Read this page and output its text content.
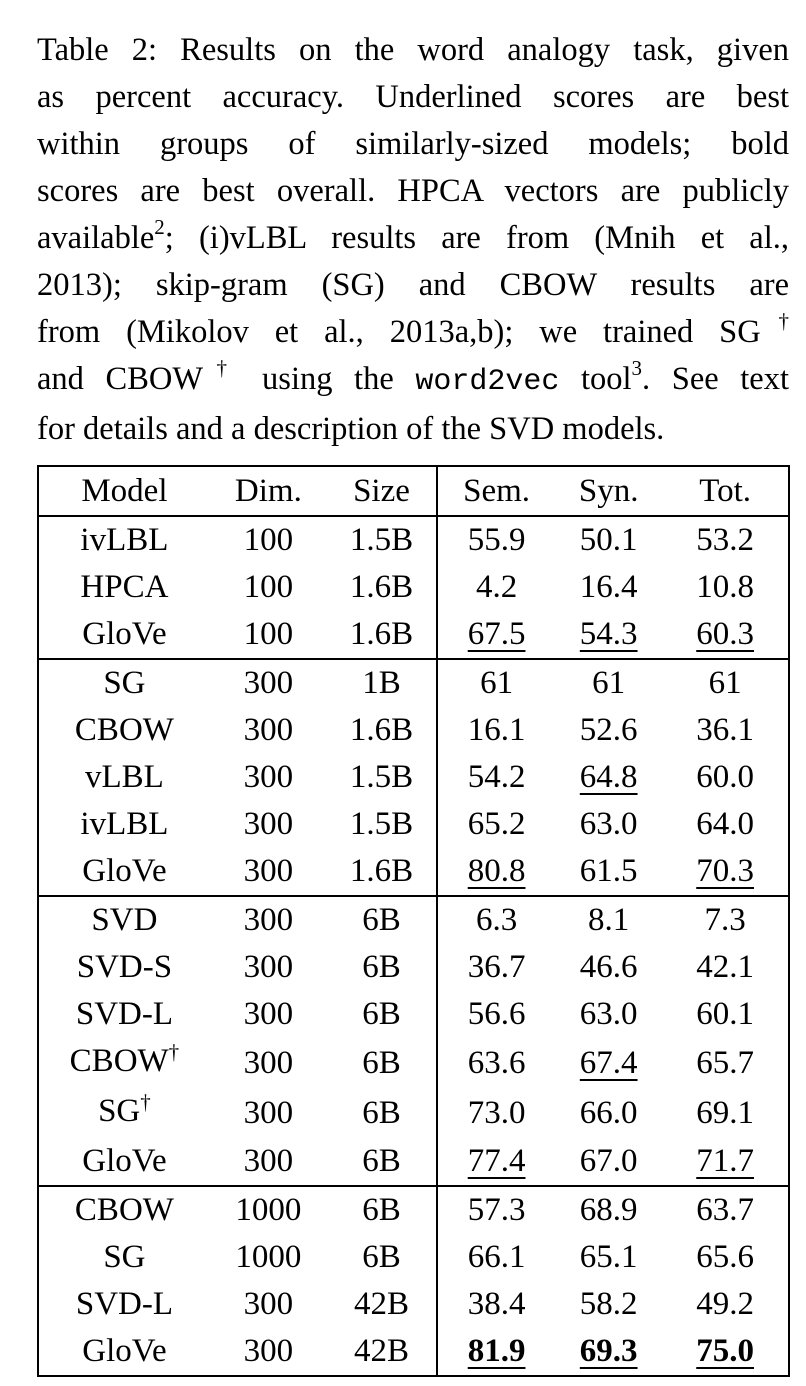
Table 2: Results on the word analogy task, given
as percent accuracy. Underlined scores are best
within groups of similarly-sized models; bold
scores are best overall. HPCA vectors are publicly
available$^2$; (i)vLBL results are from (Mnih et al.,
2013); skip-gram (SG) and CBOW results are
from (Mikolov et al., 2013a,b); we trained SG†
and CBOW† using the word2vec tool$^3$. See text
for details and a description of the SVD models.
Model	Dim.	Size	Sem.	Syn.	Tot.
ivLBL	100	1.5B	55.9	50.1	53.2
HPCA	100	1.6B	4.2	16.4	10.8
GloVe	100	1.6B	67.5	54.3	60.3
SG	300	1B	61	61	61
CBOW	300	1.6B	16.1	52.6	36.1
vLBL	300	1.5B	54.2	64.8	60.0
ivLBL	300	1.5B	65.2	63.0	64.0
GloVe	300	1.6B	80.8	61.5	70.3
SVD	300	6B	6.3	8.1	7.3
SVD-S	300	6B	36.7	46.6	42.1
SVD-L	300	6B	56.6	63.0	60.1
CBOW†	300	6B	63.6	67.4	65.7
SG†	300	6B	73.0	66.0	69.1
GloVe	300	6B	77.4	67.0	71.7
CBOW	1000	6B	57.3	68.9	63.7
SG	1000	6B	66.1	65.1	65.6
SVD-L	300	42B	38.4	58.2	49.2
GloVe	300	42B	81.9	69.3	75.0
